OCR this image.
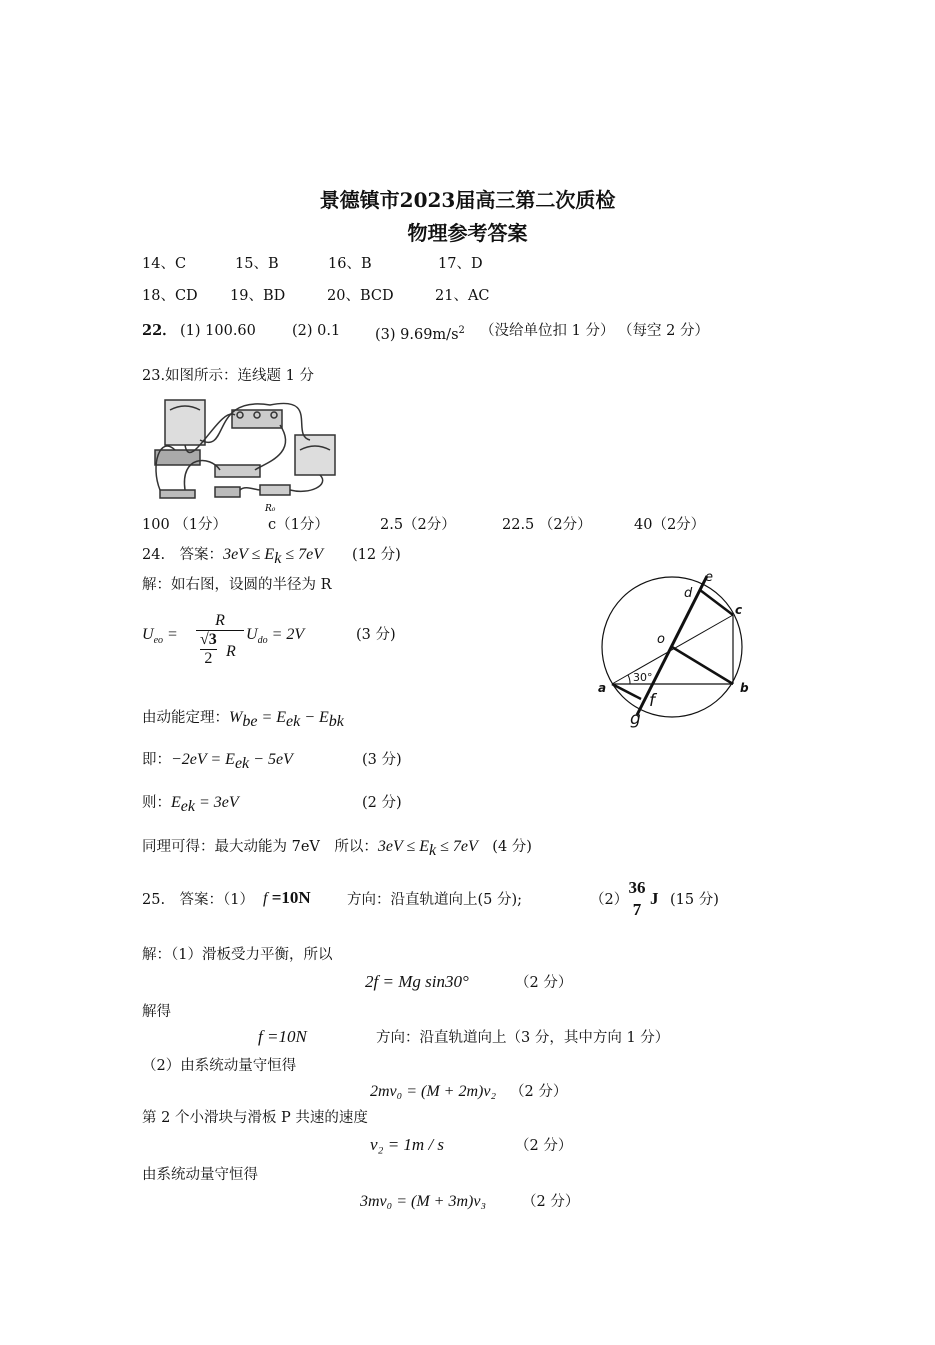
景德镇市2023届高三第二次质检
物理参考答案
14、C	15、B	16、B	17、D
18、CD 19、BD	20、BCD	21、AC
22． (1) 100.60 (2) 0.1 (3) $9.69m/s^2$ （没给单位扣 1 分） （每空 2 分）
23.如图所示：连线题 1 分
R₀
100 （1分）	c（1分）	2.5（2分）	22.5 （2分）	40（2分）
24.　答案：$3eV \le E_k \le 7eV$　　 (12 分)
解：如右图，设圆的半径为 R
$U_{eo}$ =
R
$\frac{√3}{2}$ R
$U_{do} = 2V$	(3 分)
由动能定理：$W_{be} = E_{ek} - E_{bk}$
即：$-2eV = E_{ek} - 5eV$	(3 分)
则：$E_{ek} = 3eV$	(2 分)
同理可得：最大动能为 7eV　所以：$3eV \le E_k \le 7eV$　 (4 分)
a	b
c
d
e
f
g
o
30°
25.　答案：（1） f =10N	方向：沿直轨道向上(5 分);	（2）
36
7
J (15 分)
解：（1）滑板受力平衡，所以
2f = Mg sin30°	（2 分）
解得
f =10N	方向：沿直轨道向上（3 分，其中方向 1 分）
（2）由系统动量守恒得
2mv₀ = (M + 2m)v₂ （2 分）
第 2 个小滑块与滑板 P 共速的速度
v₂ = 1m / s	（2 分）
由系统动量守恒得
3mv₀ = (M + 3m)v₃ （2 分）
